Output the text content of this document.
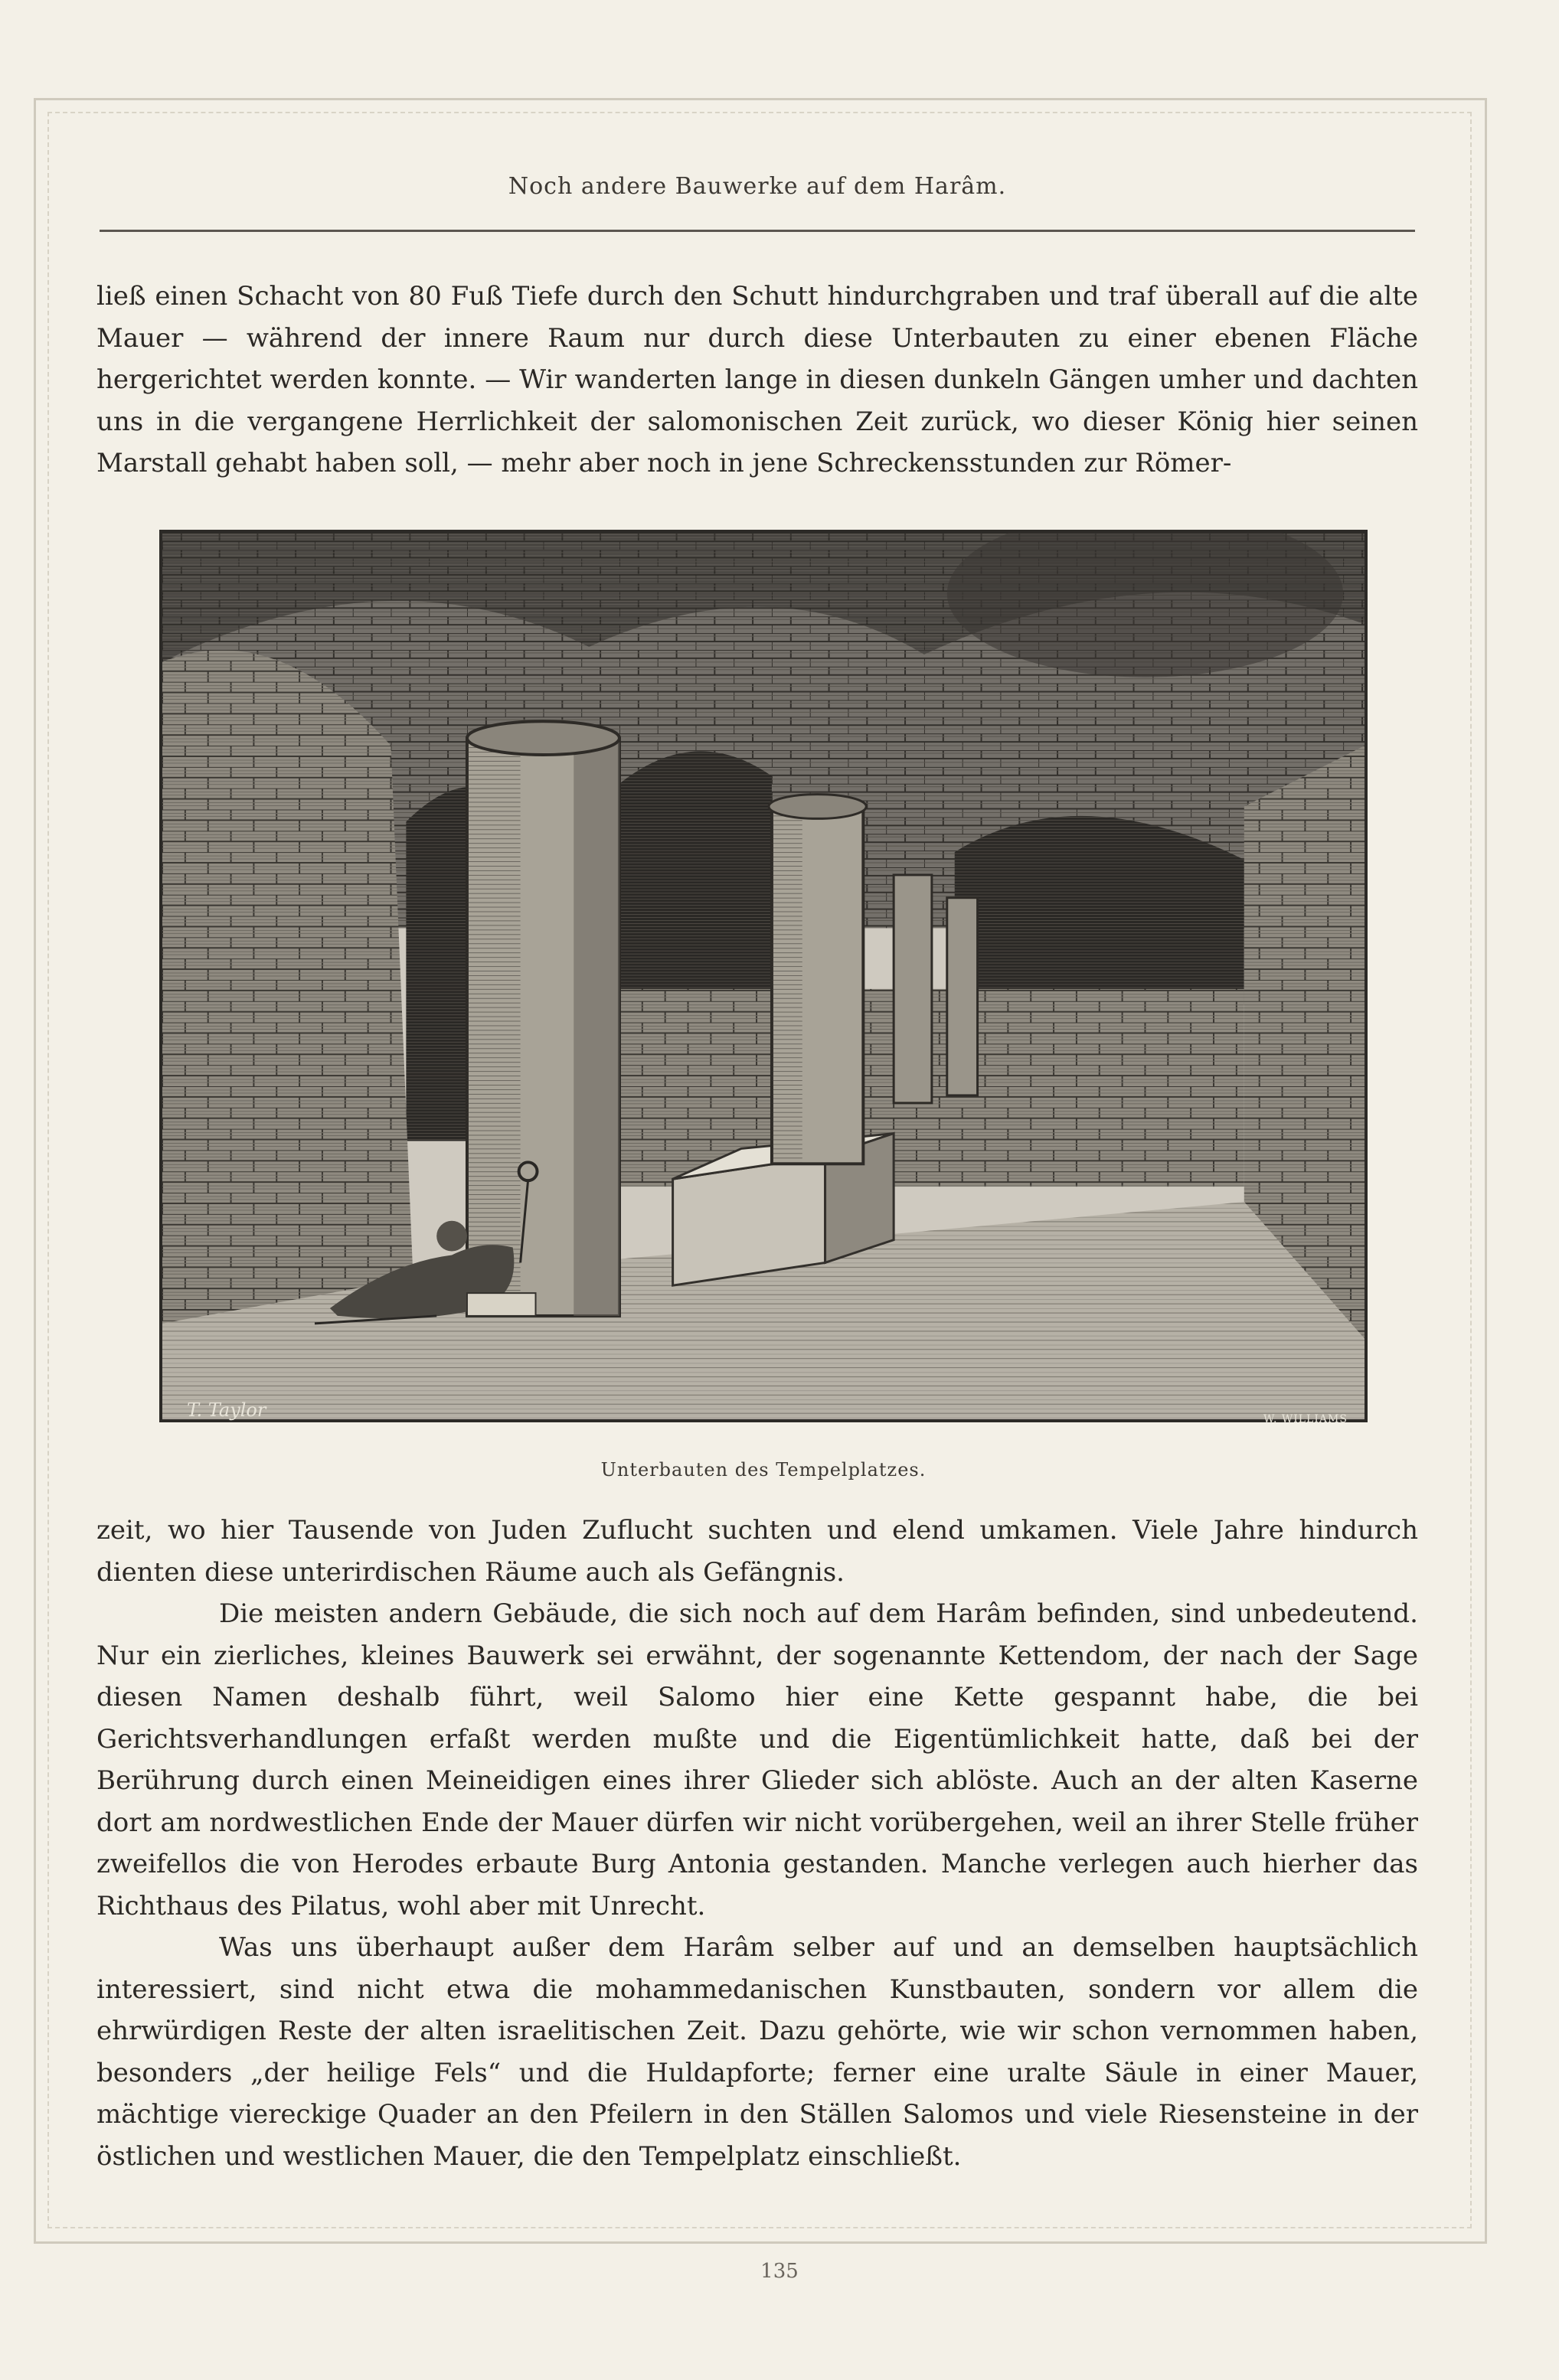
Noch andere Bauwerke auf dem Harâm.

ließ einen Schacht von 80 Fuß Tiefe durch den Schutt hindurchgraben und traf überall auf die alte Mauer — während der innere Raum nur durch diese Unterbauten zu einer ebenen Fläche hergerichtet werden konnte. — Wir wanderten lange in diesen dunkeln Gängen umher und dachten uns in die vergangene Herrlichkeit der salomonischen Zeit zurück, wo dieser König hier seinen Marstall gehabt haben soll, — mehr aber noch in jene Schreckensstunden zur Römer-

T. Taylor	W. WILLIAMS
Unterbauten des Tempelplatzes.

zeit, wo hier Tausende von Juden Zuflucht suchten und elend umkamen. Viele Jahre hindurch dienten diese unterirdischen Räume auch als Gefängnis.

Die meisten andern Gebäude, die sich noch auf dem Harâm befinden, sind unbedeutend. Nur ein zierliches, kleines Bauwerk sei erwähnt, der sogenannte Kettendom, der nach der Sage diesen Namen deshalb führt, weil Salomo hier eine Kette gespannt habe, die bei Gerichtsverhandlungen erfaßt werden mußte und die Eigentümlichkeit hatte, daß bei der Berührung durch einen Meineidigen eines ihrer Glieder sich ablöste. Auch an der alten Kaserne dort am nordwestlichen Ende der Mauer dürfen wir nicht vorübergehen, weil an ihrer Stelle früher zweifellos die von Herodes erbaute Burg Antonia gestanden. Manche verlegen auch hierher das Richthaus des Pilatus, wohl aber mit Unrecht.

Was uns überhaupt außer dem Harâm selber auf und an demselben hauptsächlich interessiert, sind nicht etwa die mohammedanischen Kunstbauten, sondern vor allem die ehrwürdigen Reste der alten israelitischen Zeit. Dazu gehörte, wie wir schon vernommen haben, besonders „der heilige Fels“ und die Huldapforte; ferner eine uralte Säule in einer Mauer, mächtige viereckige Quader an den Pfeilern in den Ställen Salomos und viele Riesensteine in der östlichen und westlichen Mauer, die den Tempelplatz einschließt.

135
